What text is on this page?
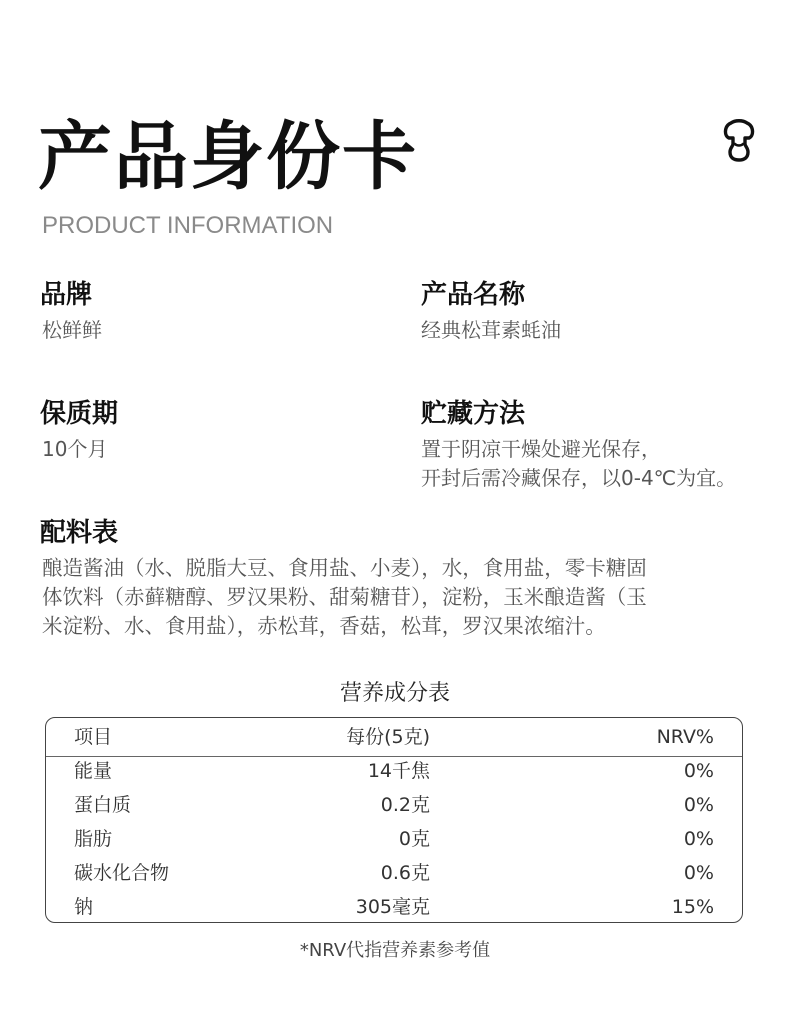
产品身份卡
PRODUCT INFORMATION
品牌
松鲜鲜
产品名称
经典松茸素蚝油
保质期
10个月
贮藏方法
置于阴凉干燥处避光保存，
开封后需冷藏保存，以0-4℃为宜。
配料表
酿造酱油（水、脱脂大豆、食用盐、小麦），水，食用盐，零卡糖固
体饮料（赤藓糖醇、罗汉果粉、甜菊糖苷），淀粉，玉米酿造酱（玉
米淀粉、水、食用盐），赤松茸，香菇，松茸，罗汉果浓缩汁。
营养成分表
项目	每份(5克)	NRV%
能量	14千焦	0%
蛋白质	0.2克	0%
脂肪	0克	0%
碳水化合物	0.6克	0%
钠	305毫克	15%
*NRV代指营养素参考值
